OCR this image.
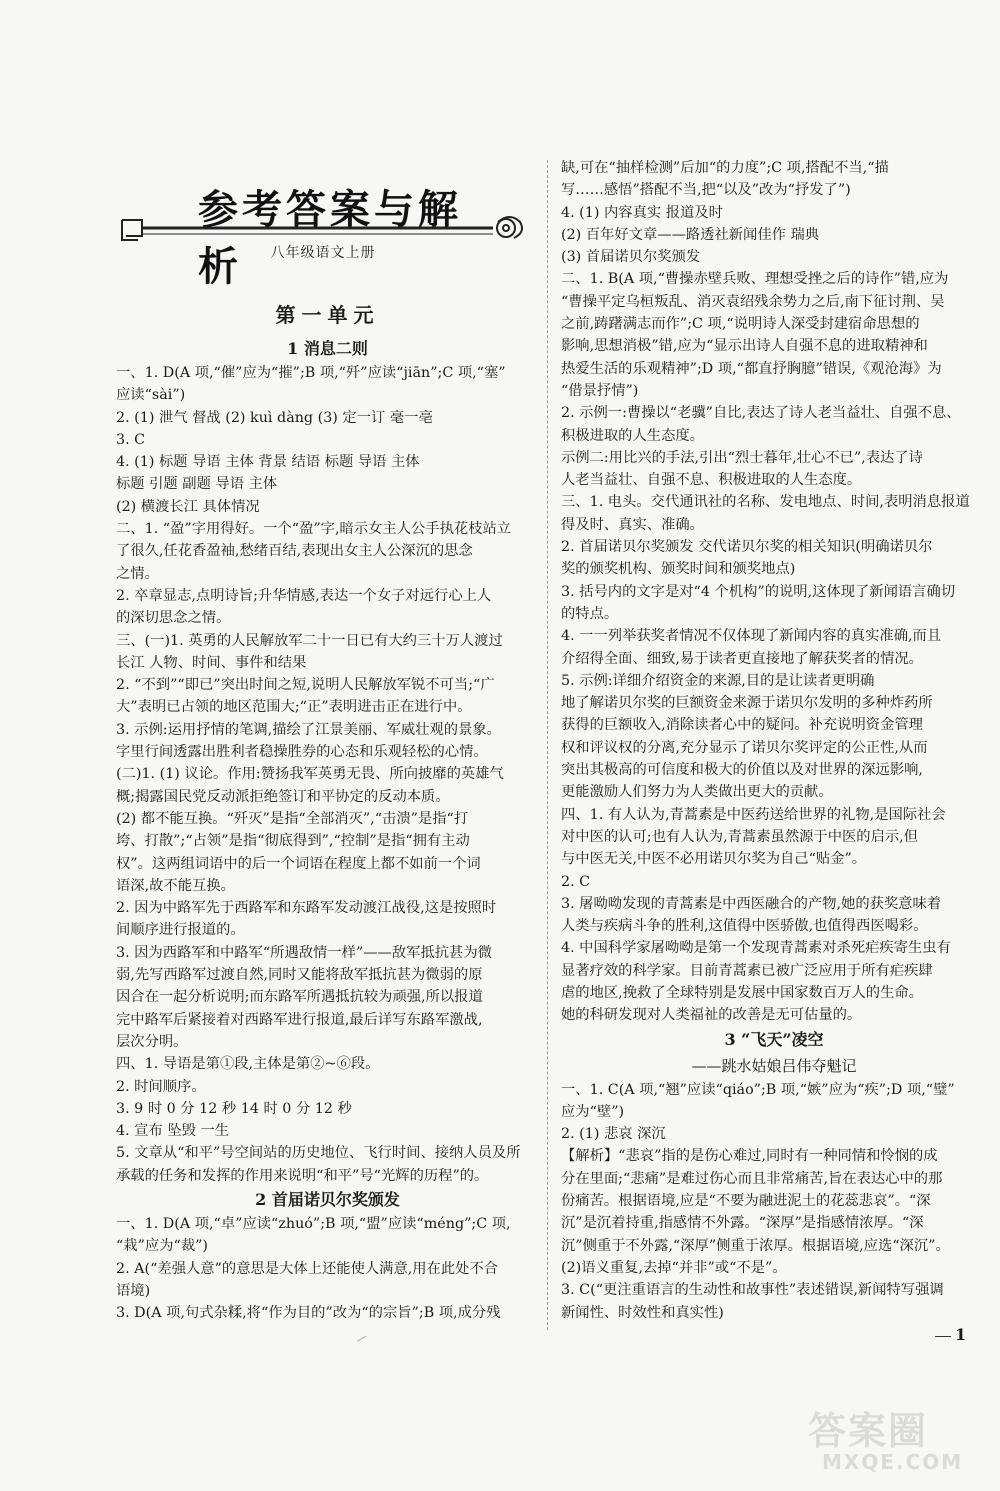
参考答案与解析	八年级语文上册
第一单元
1 消息二则
一、1. D(A 项,“催”应为“摧”;B 项,“歼”应读“jiān”;C 项,“塞”
应读“sài”)
2. (1) 泄气 督战 (2) kuì dàng (3) 定一订 毫一亳
3. C
4. (1) 标题 导语 主体 背景 结语 标题 导语 主体
标题 引题 副题 导语 主体
(2) 横渡长江 具体情况
二、1. “盈”字用得好。一个“盈”字,暗示女主人公手执花枝站立
了很久,任花香盈袖,愁绪百结,表现出女主人公深沉的思念
之情。
2. 卒章显志,点明诗旨;升华情感,表达一个女子对远行心上人
的深切思念之情。
三、(一)1. 英勇的人民解放军二十一日已有大约三十万人渡过
长江 人物、时间、事件和结果
2. “不到”“即已”突出时间之短,说明人民解放军锐不可当;“广
大”表明已占领的地区范围大;“正”表明进击正在进行中。
3. 示例:运用抒情的笔调,描绘了江景美丽、军威壮观的景象。
字里行间透露出胜利者稳操胜券的心态和乐观轻松的心情。
(二)1. (1) 议论。作用:赞扬我军英勇无畏、所向披靡的英雄气
概;揭露国民党反动派拒绝签订和平协定的反动本质。
(2) 都不能互换。“歼灭”是指“全部消灭”,“击溃”是指“打
垮、打散”;“占领”是指“彻底得到”,“控制”是指“拥有主动
权”。这两组词语中的后一个词语在程度上都不如前一个词
语深,故不能互换。
2. 因为中路军先于西路军和东路军发动渡江战役,这是按照时
间顺序进行报道的。
3. 因为西路军和中路军“所遇敌情一样”——敌军抵抗甚为微
弱,先写西路军过渡自然,同时又能将敌军抵抗甚为微弱的原
因合在一起分析说明;而东路军所遇抵抗较为顽强,所以报道
完中路军后紧接着对西路军进行报道,最后详写东路军激战,
层次分明。
四、1. 导语是第①段,主体是第②~⑥段。
2. 时间顺序。
3. 9 时 0 分 12 秒 14 时 0 分 12 秒
4. 宣布 坠毁 一生
5. 文章从“和平”号空间站的历史地位、飞行时间、接纳人员及所
承载的任务和发挥的作用来说明“和平”号“光辉的历程”的。
2 首届诺贝尔奖颁发
一、1. D(A 项,“卓”应读“zhuó”;B 项,“盟”应读“méng”;C 项,
“栽”应为“裁”)
2. A(“差强人意”的意思是大体上还能使人满意,用在此处不合
语境)
3. D(A 项,句式杂糅,将“作为目的”改为“的宗旨”;B 项,成分残
缺,可在“抽样检测”后加“的力度”;C 项,搭配不当,“描
写……感悟”搭配不当,把“以及”改为“抒发了”)
4. (1) 内容真实 报道及时
(2) 百年好文章——路透社新闻佳作 瑞典
(3) 首届诺贝尔奖颁发
二、1. B(A 项,“曹操赤壁兵败、理想受挫之后的诗作”错,应为
“曹操平定乌桓叛乱、消灭袁绍残余势力之后,南下征讨荆、吴
之前,踌躇满志而作”;C 项,“说明诗人深受封建宿命思想的
影响,思想消极”错,应为“显示出诗人自强不息的进取精神和
热爱生活的乐观精神”;D 项,“都直抒胸臆”错误,《观沧海》为
“借景抒情”)
2. 示例一:曹操以“老骥”自比,表达了诗人老当益壮、自强不息、
积极进取的人生态度。
示例二:用比兴的手法,引出“烈士暮年,壮心不已”,表达了诗
人老当益壮、自强不息、积极进取的人生态度。
三、1. 电头。交代通讯社的名称、发电地点、时间,表明消息报道
得及时、真实、准确。
2. 首届诺贝尔奖颁发 交代诺贝尔奖的相关知识(明确诺贝尔
奖的颁奖机构、颁奖时间和颁奖地点)
3. 括号内的文字是对“4 个机构”的说明,这体现了新闻语言确切
的特点。
4. 一一列举获奖者情况不仅体现了新闻内容的真实准确,而且
介绍得全面、细致,易于读者更直接地了解获奖者的情况。
5. 示例:详细介绍资金的来源,目的是让读者更明确
地了解诺贝尔奖的巨额资金来源于诺贝尔发明的多种炸药所
获得的巨额收入,消除读者心中的疑问。补充说明资金管理
权和评议权的分离,充分显示了诺贝尔奖评定的公正性,从而
突出其极高的可信度和极大的价值以及对世界的深远影响,
更能激励人们努力为人类做出更大的贡献。
四、1. 有人认为,青蒿素是中医药送给世界的礼物,是国际社会
对中医的认可;也有人认为,青蒿素虽然源于中医的启示,但
与中医无关,中医不必用诺贝尔奖为自己“贴金”。
2. C
3. 屠呦呦发现的青蒿素是中西医融合的产物,她的获奖意味着
人类与疾病斗争的胜利,这值得中医骄傲,也值得西医喝彩。
4. 中国科学家屠呦呦是第一个发现青蒿素对杀死疟疾寄生虫有
显著疗效的科学家。目前青蒿素已被广泛应用于所有疟疾肆
虐的地区,挽救了全球特别是发展中国家数百万人的生命。
她的科研发现对人类福祉的改善是无可估量的。
3 “飞天”凌空
——跳水姑娘吕伟夺魁记
一、1. C(A 项,“翘”应读“qiáo”;B 项,“嫉”应为“疾”;D 项,“璧”
应为“壁”)
2. (1) 悲哀 深沉
【解析】“悲哀”指的是伤心难过,同时有一种同情和怜悯的成
分在里面;“悲痛”是难过伤心而且非常痛苦,旨在表达心中的那
份痛苦。根据语境,应是“不要为融进泥土的花蕊悲哀”。“深
沉”是沉着持重,指感情不外露。“深厚”是指感情浓厚。“深
沉”侧重于不外露,“深厚”侧重于浓厚。根据语境,应选“深沉”。
(2)语义重复,去掉“并非”或“不是”。
3. C(“更注重语言的生动性和故事性”表述错误,新闻特写强调
新闻性、时效性和真实性)
1
答案圈
MXQE.COM
